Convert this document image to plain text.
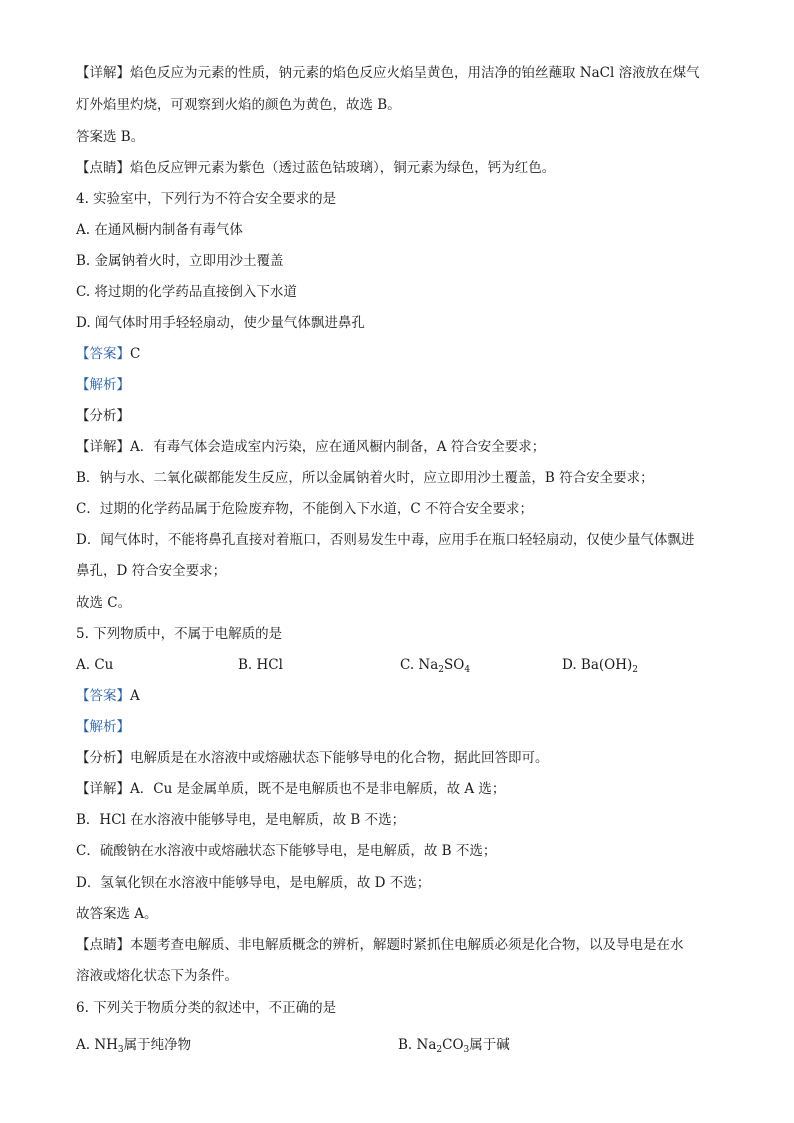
【详解】焰色反应为元素的性质，钠元素的焰色反应火焰呈黄色，用洁净的铂丝蘸取 NaCl 溶液放在煤气
灯外焰里灼烧，可观察到火焰的颜色为黄色，故选 B。
答案选 B。
【点睛】焰色反应钾元素为紫色（透过蓝色钴玻璃），铜元素为绿色，钙为红色。
4. 实验室中，下列行为不符合安全要求的是
A. 在通风橱内制备有毒气体
B. 金属钠着火时，立即用沙土覆盖
C. 将过期的化学药品直接倒入下水道
D. 闻气体时用手轻轻扇动，使少量气体飘进鼻孔
【答案】C
【解析】
【分析】
【详解】A．有毒气体会造成室内污染，应在通风橱内制备，A 符合安全要求；
B．钠与水、二氧化碳都能发生反应，所以金属钠着火时，应立即用沙土覆盖，B 符合安全要求；
C．过期的化学药品属于危险废弃物，不能倒入下水道，C 不符合安全要求；
D．闻气体时，不能将鼻孔直接对着瓶口，否则易发生中毒，应用手在瓶口轻轻扇动，仅使少量气体飘进
鼻孔，D 符合安全要求；
故选 C。
5. 下列物质中，不属于电解质的是
A. Cu	B. HCl	C. $Na_2SO_4$	D. $Ba(OH)_2$
【答案】A
【解析】
【分析】电解质是在水溶液中或熔融状态下能够导电的化合物，据此回答即可。
【详解】A．Cu 是金属单质，既不是电解质也不是非电解质，故 A 选；
B．HCl 在水溶液中能够导电，是电解质，故 B 不选；
C．硫酸钠在水溶液中或熔融状态下能够导电，是电解质，故 B 不选；
D．氢氧化钡在水溶液中能够导电，是电解质，故 D 不选；
故答案选 A。
【点睛】本题考查电解质、非电解质概念的辨析，解题时紧抓住电解质必须是化合物，以及导电是在水
溶液或熔化状态下为条件。
6. 下列关于物质分类的叙述中，不正确的是
A. $NH_3$属于纯净物	B. $Na_2CO_3$属于碱
